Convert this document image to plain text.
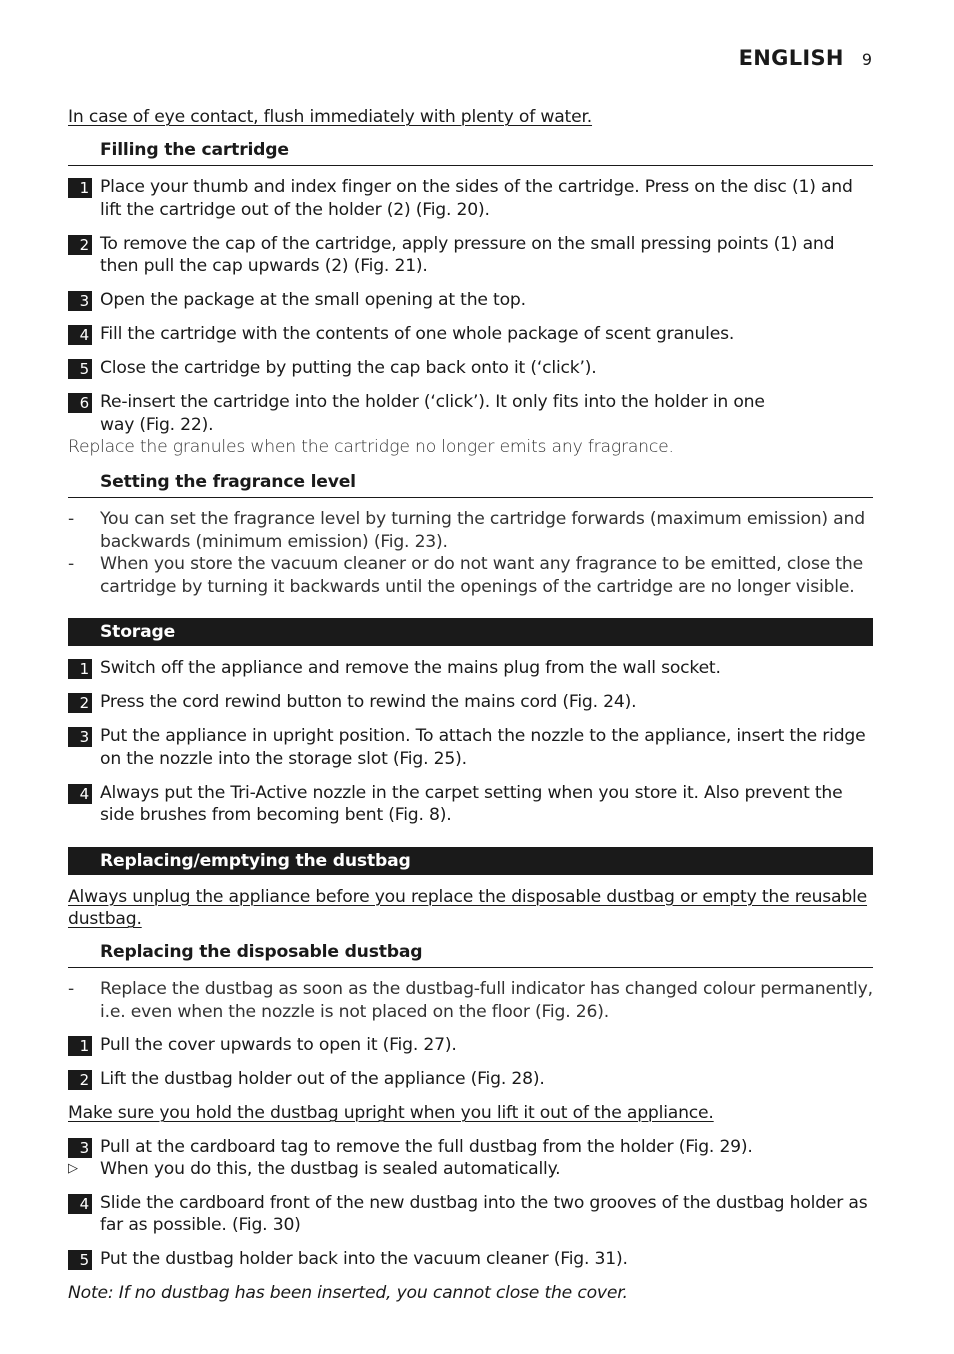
ENGLISH 9
In case of eye contact, flush immediately with plenty of water.
Filling the cartridge
1 Place your thumb and index finger on the sides of the cartridge. Press on the disc (1) and lift the cartridge out of the holder (2) (Fig. 20).
2 To remove the cap of the cartridge, apply pressure on the small pressing points (1) and then pull the cap upwards (2) (Fig. 21).
3 Open the package at the small opening at the top.
4 Fill the cartridge with the contents of one whole package of scent granules.
5 Close the cartridge by putting the cap back onto it (‘click’).
6 Re-insert the cartridge into the holder (‘click’). It only fits into the holder in one way (Fig. 22).
Replace the granules when the cartridge no longer emits any fragrance.
Setting the fragrance level
-	You can set the fragrance level by turning the cartridge forwards (maximum emission) and backwards (minimum emission) (Fig. 23).
-	When you store the vacuum cleaner or do not want any fragrance to be emitted, close the cartridge by turning it backwards until the openings of the cartridge are no longer visible.
Storage
1 Switch off the appliance and remove the mains plug from the wall socket.
2 Press the cord rewind button to rewind the mains cord (Fig. 24).
3 Put the appliance in upright position. To attach the nozzle to the appliance, insert the ridge on the nozzle into the storage slot (Fig. 25).
4 Always put the Tri-Active nozzle in the carpet setting when you store it. Also prevent the side brushes from becoming bent (Fig. 8).
Replacing/emptying the dustbag
Always unplug the appliance before you replace the disposable dustbag or empty the reusable dustbag.
Replacing the disposable dustbag
-	Replace the dustbag as soon as the dustbag-full indicator has changed colour permanently, i.e. even when the nozzle is not placed on the floor (Fig. 26).
1 Pull the cover upwards to open it (Fig. 27).
2 Lift the dustbag holder out of the appliance (Fig. 28).
Make sure you hold the dustbag upright when you lift it out of the appliance.
3 Pull at the cardboard tag to remove the full dustbag from the holder (Fig. 29).
▷	When you do this, the dustbag is sealed automatically.
4 Slide the cardboard front of the new dustbag into the two grooves of the dustbag holder as far as possible. (Fig. 30)
5 Put the dustbag holder back into the vacuum cleaner (Fig. 31).
Note: If no dustbag has been inserted, you cannot close the cover.
